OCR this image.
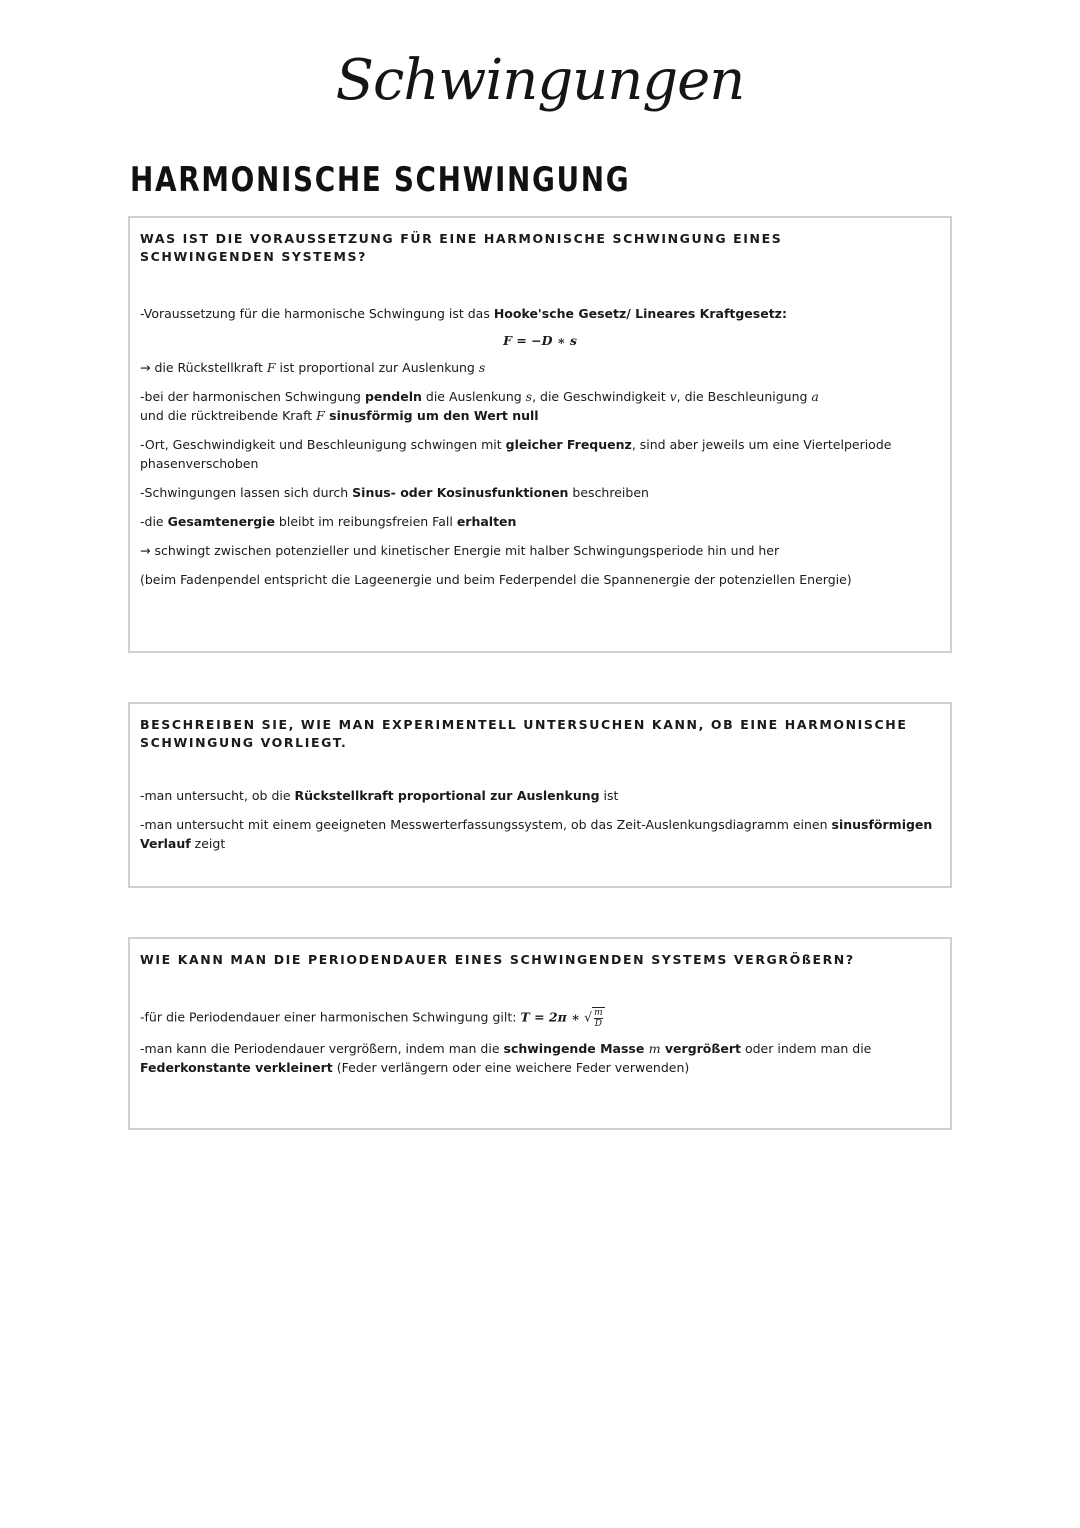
Schwingungen
HARMONISCHE SCHWINGUNG
WAS IST DIE VORAUSSETZUNG FÜR EINE HARMONISCHE SCHWINGUNG EINES SCHWINGENDEN SYSTEMS?

-Voraussetzung für die harmonische Schwingung ist das Hooke'sche Gesetz/ Lineares Kraftgesetz:

F = −D ∗ s

→ die Rückstellkraft F ist proportional zur Auslenkung s

-bei der harmonischen Schwingung pendeln die Auslenkung s, die Geschwindigkeit v, die Beschleunigung a
und die rücktreibende Kraft F sinusförmig um den Wert null

-Ort, Geschwindigkeit und Beschleunigung schwingen mit gleicher Frequenz, sind aber jeweils um eine Viertelperiode phasenverschoben

-Schwingungen lassen sich durch Sinus- oder Kosinusfunktionen beschreiben

-die Gesamtenergie bleibt im reibungsfreien Fall erhalten

→ schwingt zwischen potenzieller und kinetischer Energie mit halber Schwingungsperiode hin und her

(beim Fadenpendel entspricht die Lageenergie und beim Federpendel die Spannenergie der potenziellen Energie)

BESCHREIBEN SIE, WIE MAN EXPERIMENTELL UNTERSUCHEN KANN, OB EINE HARMONISCHE SCHWINGUNG VORLIEGT.

-man untersucht, ob die Rückstellkraft proportional zur Auslenkung ist

-man untersucht mit einem geeigneten Messwerterfassungssystem, ob das Zeit-Auslenkungsdiagramm einen sinusförmigen Verlauf zeigt

WIE KANN MAN DIE PERIODENDAUER EINES SCHWINGENDEN SYSTEMS VERGRÖßERN?

-für die Periodendauer einer harmonischen Schwingung gilt: T = 2π ∗ √ $\frac{m}{D}$

-man kann die Periodendauer vergrößern, indem man die schwingende Masse m vergrößert oder indem man die Federkonstante verkleinert (Feder verlängern oder eine weichere Feder verwenden)
